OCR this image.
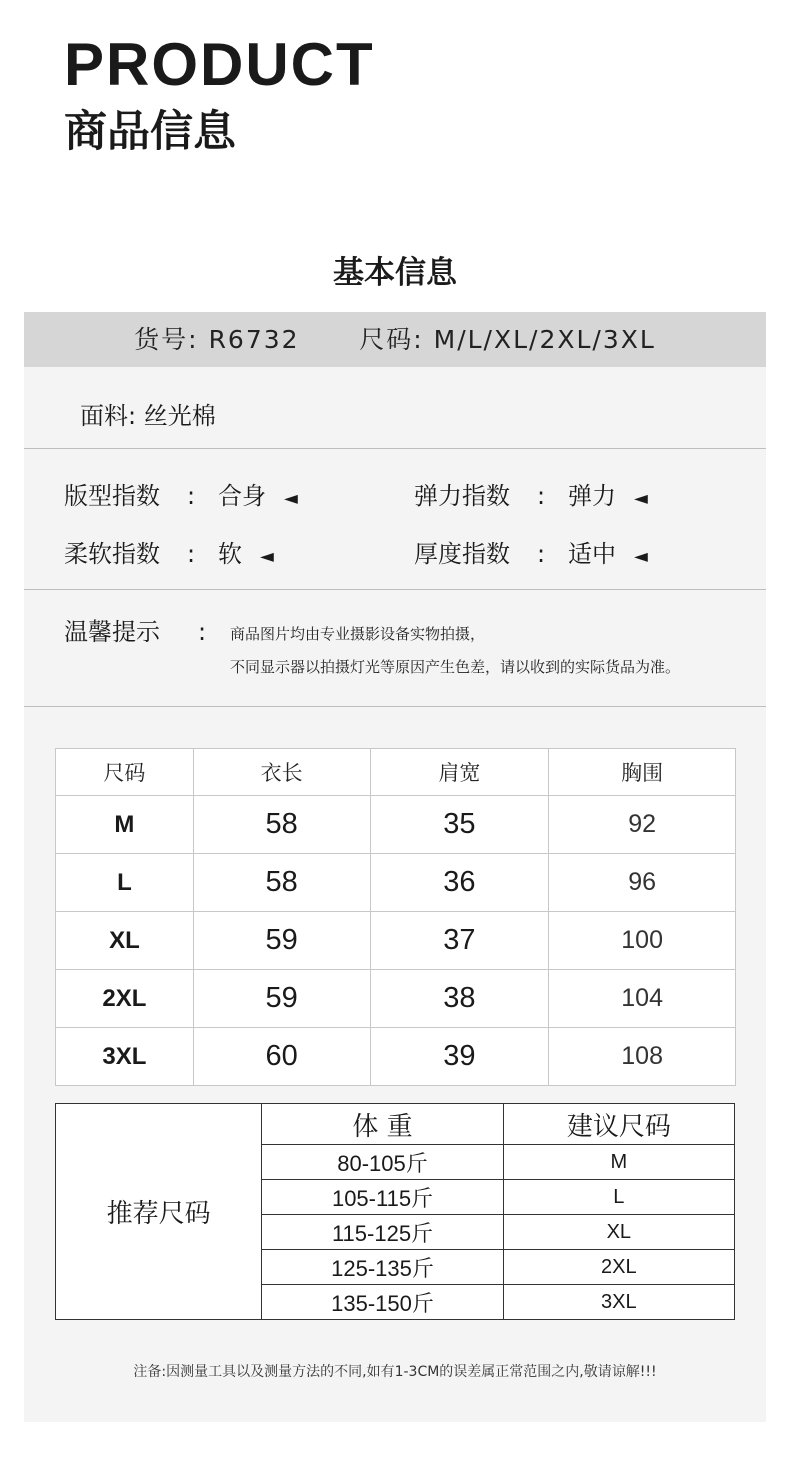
PRODUCT
商品信息
基本信息
货号: R6732 尺码: M/L/XL/2XL/3XL
面料: 丝光棉
版型指数 : 合身 ◄	弹力指数 : 弹力 ◄
柔软指数 : 软 ◄	厚度指数 : 适中 ◄
温馨提示 : 商品图片均由专业摄影设备实物拍摄，
不同显示器以拍摄灯光等原因产生色差，请以收到的实际货品为准。
尺码	衣长	肩宽	胸围
M	58	35	92
L	58	36	96
XL	59	37	100
2XL	59	38	104
3XL	60	39	108
推荐尺码	体 重	建议尺码
	80-105斤	M
	105-115斤	L
	115-125斤	XL
	125-135斤	2XL
	135-150斤	3XL
注备:因测量工具以及测量方法的不同,如有1-3CM的误差属正常范围之内,敬请谅解!!!
